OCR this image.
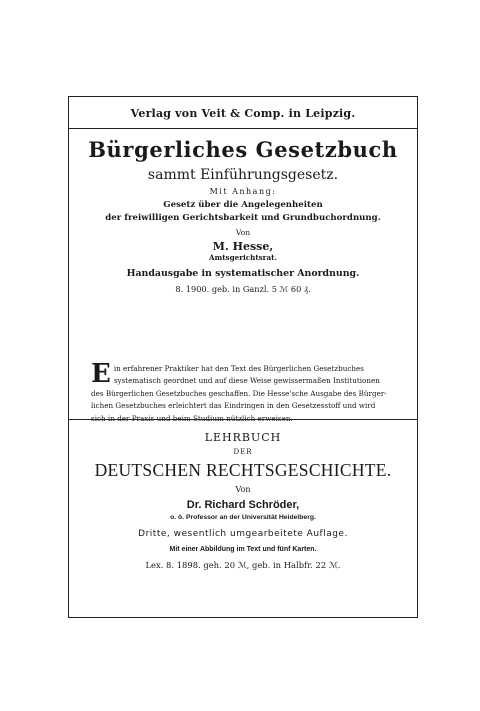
Verlag von Veit & Comp. in Leipzig.
Bürgerliches Gesetzbuch
sammt Einführungsgesetz.
Mit Anhang:
Gesetz über die Angelegenheiten
der freiwilligen Gerichtsbarkeit und Grundbuchordnung.
Von
M. Hesse,
Amtsgerichtsrat.
Handausgabe in systematischer Anordnung.
8. 1900. geb. in Ganzl. 5 ℳ 60 ₰.
E in erfahrener Praktiker hat den Text des Bürgerlichen Gesetzbuches
systematisch geordnet und auf diese Weise gewissermaßen Institutionen
des Bürgerlichen Gesetzbuches geschaffen. Die Hesse'sche Ausgabe des Bürger-
lichen Gesetzbuches erleichtert das Eindringen in den Gesetzesstoff und wird
sich in der Praxis und beim Studium nützlich erweisen.
LEHRBUCH
DER
DEUTSCHEN RECHTSGESCHICHTE.
Von
Dr. Richard Schröder,
o. ö. Professor an der Universität Heidelberg.
Dritte, wesentlich umgearbeitete Auflage.
Mit einer Abbildung im Text und fünf Karten.
Lex. 8. 1898. geh. 20 ℳ, geb. in Halbfr. 22 ℳ.
